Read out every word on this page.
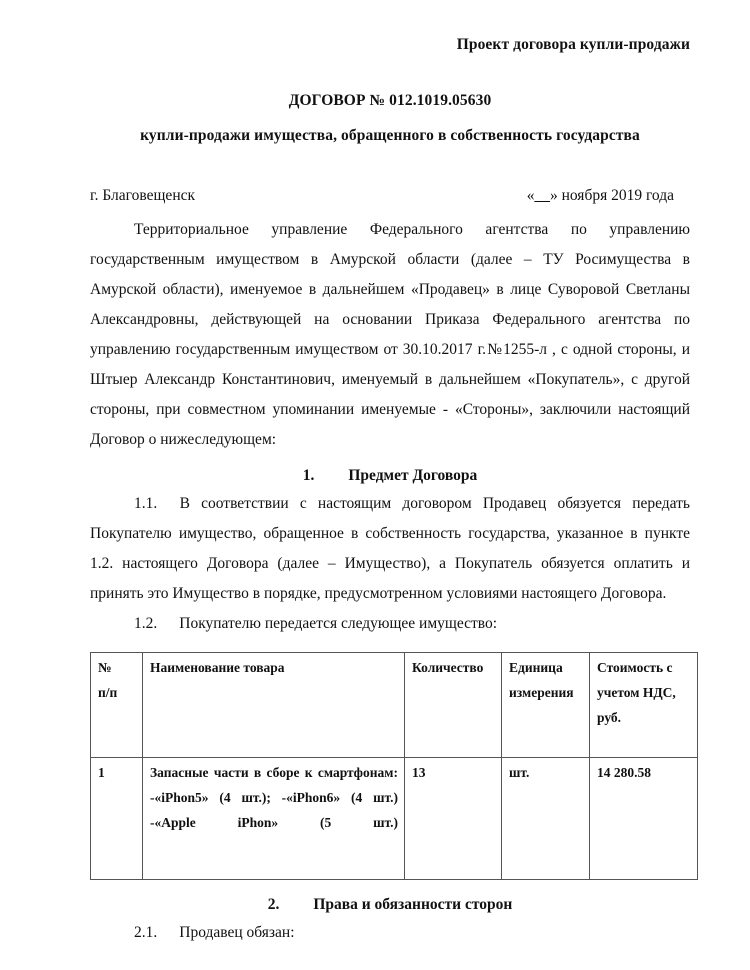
Проект договора купли-продажи
ДОГОВОР № 012.1019.05630
купли-продажи имущества, обращенного в собственность государства
г. Благовещенск	«__» ноября 2019 года

Территориальное управление Федерального агентства по управлению государственным имуществом в Амурской области (далее – ТУ Росимущества в Амурской области), именуемое в дальнейшем «Продавец» в лице Суворовой Светланы Александровны, действующей на основании Приказа Федерального агентства по управлению государственным имуществом от 30.10.2017 г.№1255-л , с одной стороны, и Штыер Александр Константинович, именуемый в дальнейшем «Покупатель», с другой стороны, при совместном упоминании именуемые - «Стороны», заключили настоящий Договор о нижеследующем:

1. Предмет Договора

1.1. В соответствии с настоящим договором Продавец обязуется передать Покупателю имущество, обращенное в собственность государства, указанное в пункте 1.2. настоящего Договора (далее – Имущество), а Покупатель обязуется оплатить и принять это Имущество в порядке, предусмотренном условиями настоящего Договора.

1.2. Покупателю передается следующее имущество:
№
п/п	Наименование товара	Количество	Единица измерения	Стоимость с учетом НДС, руб.
1	Запасные части в сборе к смартфонам: -«iPhon5» (4 шт.); -«iPhon6» (4 шт.) -«Apple iPhon» (5 шт.)	13	шт.	14 280.58
2. Права и обязанности сторон
2.1. Продавец обязан:
